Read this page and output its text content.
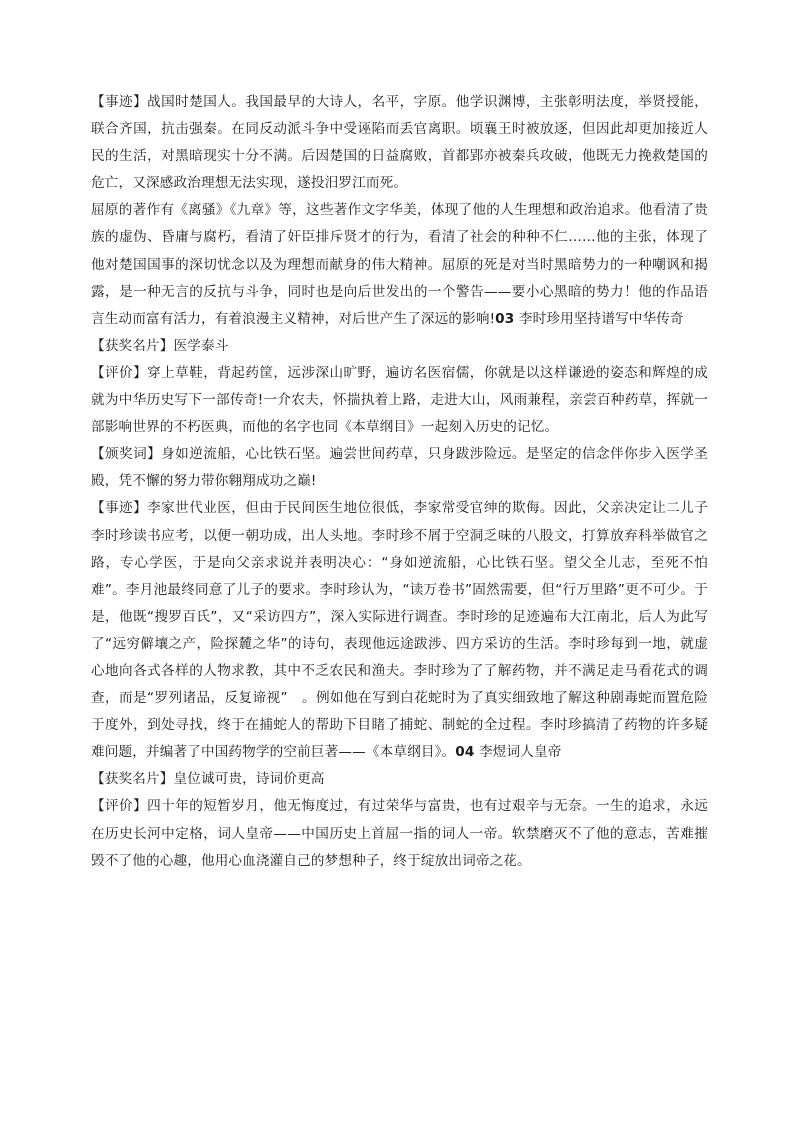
【事迹】战国时楚国人。我国最早的大诗人，名平，字原。他学识渊博，主张彰明法度，举贤授能，联合齐国，抗击强秦。在同反动派斗争中受诬陷而丢官离职。顷襄王时被放逐，但因此却更加接近人民的生活，对黑暗现实十分不满。后因楚国的日益腐败，首都郢亦被秦兵攻破，他既无力挽救楚国的危亡，又深感政治理想无法实现，遂投汨罗江而死。

屈原的著作有《离骚》《九章》等，这些著作文字华美，体现了他的人生理想和政治追求。他看清了贵族的虚伪、昏庸与腐朽，看清了奸臣排斥贤才的行为，看清了社会的种种不仁……他的主张，体现了他对楚国国事的深切忧念以及为理想而献身的伟大精神。屈原的死是对当时黑暗势力的一种嘲讽和揭露，是一种无言的反抗与斗争，同时也是向后世发出的一个警告——要小心黑暗的势力！他的作品语言生动而富有活力，有着浪漫主义精神，对后世产生了深远的影响!03 李时珍用坚持谱写中华传奇

【获奖名片】医学泰斗

【评价】穿上草鞋，背起药筐，远涉深山旷野，遍访名医宿儒，你就是以这样谦逊的姿态和辉煌的成就为中华历史写下一部传奇!一介农夫，怀揣执着上路，走进大山，风雨兼程，亲尝百种药草，挥就一部影响世界的不朽医典，而他的名字也同《本草纲目》一起刻入历史的记忆。

【颁奖词】身如逆流船，心比铁石坚。遍尝世间药草，只身跋涉险远。是坚定的信念伴你步入医学圣殿，凭不懈的努力带你翱翔成功之巅!

【事迹】李家世代业医，但由于民间医生地位很低，李家常受官绅的欺侮。因此，父亲决定让二儿子李时珍读书应考，以便一朝功成，出人头地。李时珍不屑于空洞乏味的八股文，打算放弃科举做官之路，专心学医，于是向父亲求说并表明决心：“身如逆流船，心比铁石坚。望父全儿志，至死不怕难”。李月池最终同意了儿子的要求。李时珍认为，“读万卷书”固然需要，但“行万里路”更不可少。于是，他既“搜罗百氏”，又“采访四方”，深入实际进行调查。李时珍的足迹遍布大江南北，后人为此写了“远穷僻壤之产，险探麓之华”的诗句，表现他远途跋涉、四方采访的生活。李时珍每到一地，就虚心地向各式各样的人物求教，其中不乏农民和渔夫。李时珍为了了解药物，并不满足走马看花式的调查，而是“罗列诸品，反复谛视”　。例如他在写到白花蛇时为了真实细致地了解这种剧毒蛇而置危险于度外，到处寻找，终于在捕蛇人的帮助下目睹了捕蛇、制蛇的全过程。李时珍搞清了药物的许多疑难问题，并编著了中国药物学的空前巨著——《本草纲目》。04 李煜词人皇帝

【获奖名片】皇位诚可贵，诗词价更高

【评价】四十年的短暂岁月，他无悔度过，有过荣华与富贵，也有过艰辛与无奈。一生的追求，永远在历史长河中定格，词人皇帝——中国历史上首屈一指的词人一帝。软禁磨灭不了他的意志，苦难摧毁不了他的心趣，他用心血浇灌自己的梦想种子，终于绽放出词帝之花。
